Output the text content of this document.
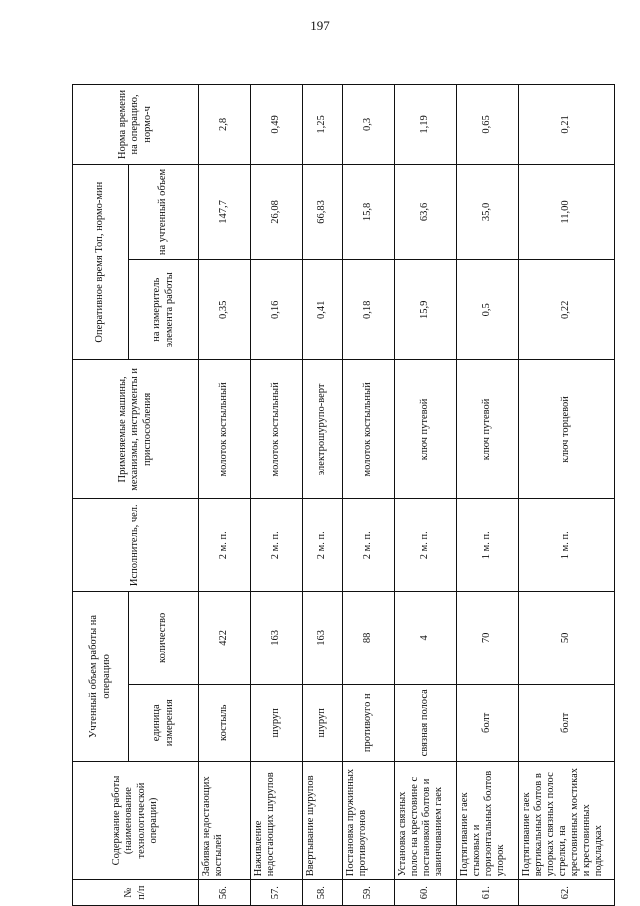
197
№ п/п	Содержание работы (наименование технологической операции)	Учтенный объем работы на операцию		Исполнитель, чел.	Применяемые машины, механизмы, инструменты и приспособления	Оперативное время Топ, нормо-мин		Норма времени на операцию, нормо-ч
		единица измерения	количество			на измеритель элемента работы	на учтенный объем	
56.	Забивка недостающих костылей	костыль	422	2 м. п.	молоток костыльный	0,35	147,7	2,8
57.	Наживление недостающих шурупов	шуруп	163	2 м. п.	молоток костыльный	0,16	26,08	0,49
58.	Ввертывание шурупов	шуруп	163	2 м. п.	электрошурупо-верт	0,41	66,83	1,25
59.	Постановка пружинных противоугонов	противоуго н	88	2 м. п.	молоток костыльный	0,18	15,8	0,3
60.	Установка связных полос на крестовине с постановкой болтов и завинчиванием гаек	связная полоса	4	2 м. п.	ключ путевой	15,9	63,6	1,19
61.	Подтягивание гаек стыковых и горизонтальных болтов упорок	болт	70	1 м. п.	ключ путевой	0,5	35,0	0,65
62.	Подтягивание гаек вертикальных болтов в упорках связных полос стрелки, на крестовинных мостиках и крестовинных подкладках	болт	50	1 м. п.	ключ торцевой	0,22	11,00	0,21
